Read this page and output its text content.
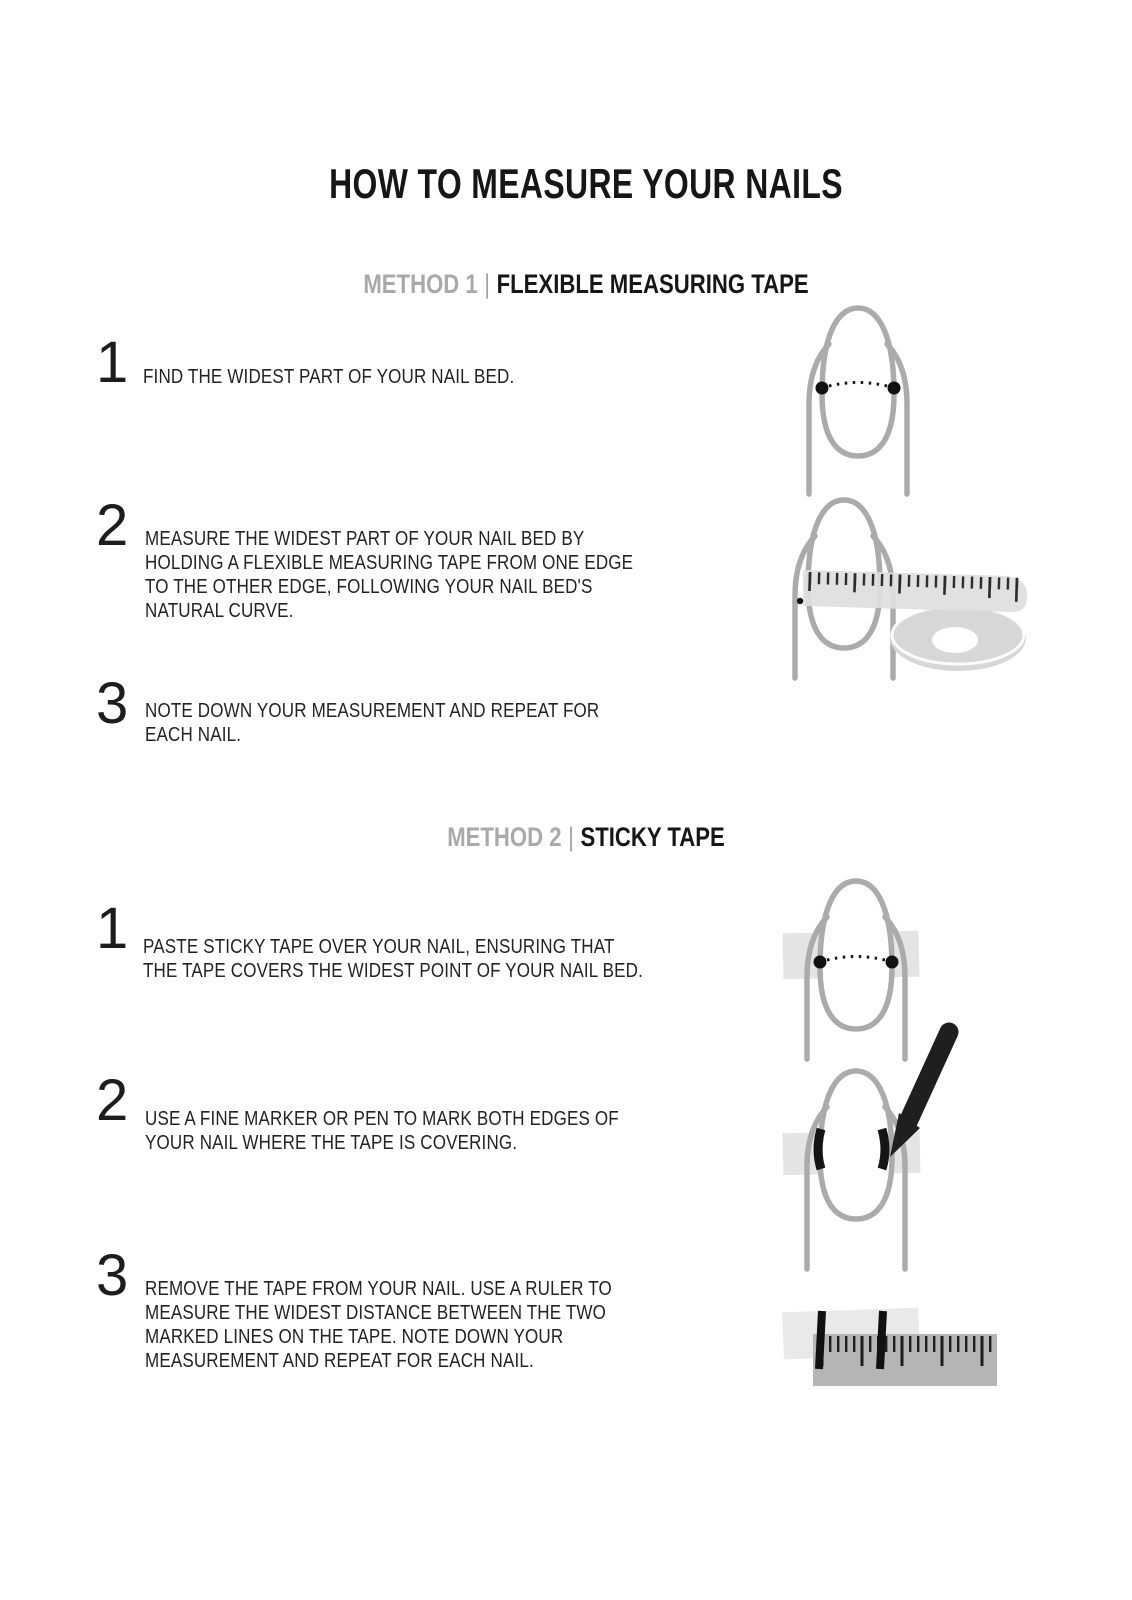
HOW TO MEASURE YOUR NAILS
METHOD 1 | FLEXIBLE MEASURING TAPE
1 FIND THE WIDEST PART OF YOUR NAIL BED.
2 MEASURE THE WIDEST PART OF YOUR NAIL BED BY
HOLDING A FLEXIBLE MEASURING TAPE FROM ONE EDGE
TO THE OTHER EDGE, FOLLOWING YOUR NAIL BED'S
NATURAL CURVE.
3 NOTE DOWN YOUR MEASUREMENT AND REPEAT FOR
EACH NAIL.
METHOD 2 | STICKY TAPE
1 PASTE STICKY TAPE OVER YOUR NAIL, ENSURING THAT
THE TAPE COVERS THE WIDEST POINT OF YOUR NAIL BED.
2 USE A FINE MARKER OR PEN TO MARK BOTH EDGES OF
YOUR NAIL WHERE THE TAPE IS COVERING.
3 REMOVE THE TAPE FROM YOUR NAIL. USE A RULER TO
MEASURE THE WIDEST DISTANCE BETWEEN THE TWO
MARKED LINES ON THE TAPE. NOTE DOWN YOUR
MEASUREMENT AND REPEAT FOR EACH NAIL.
